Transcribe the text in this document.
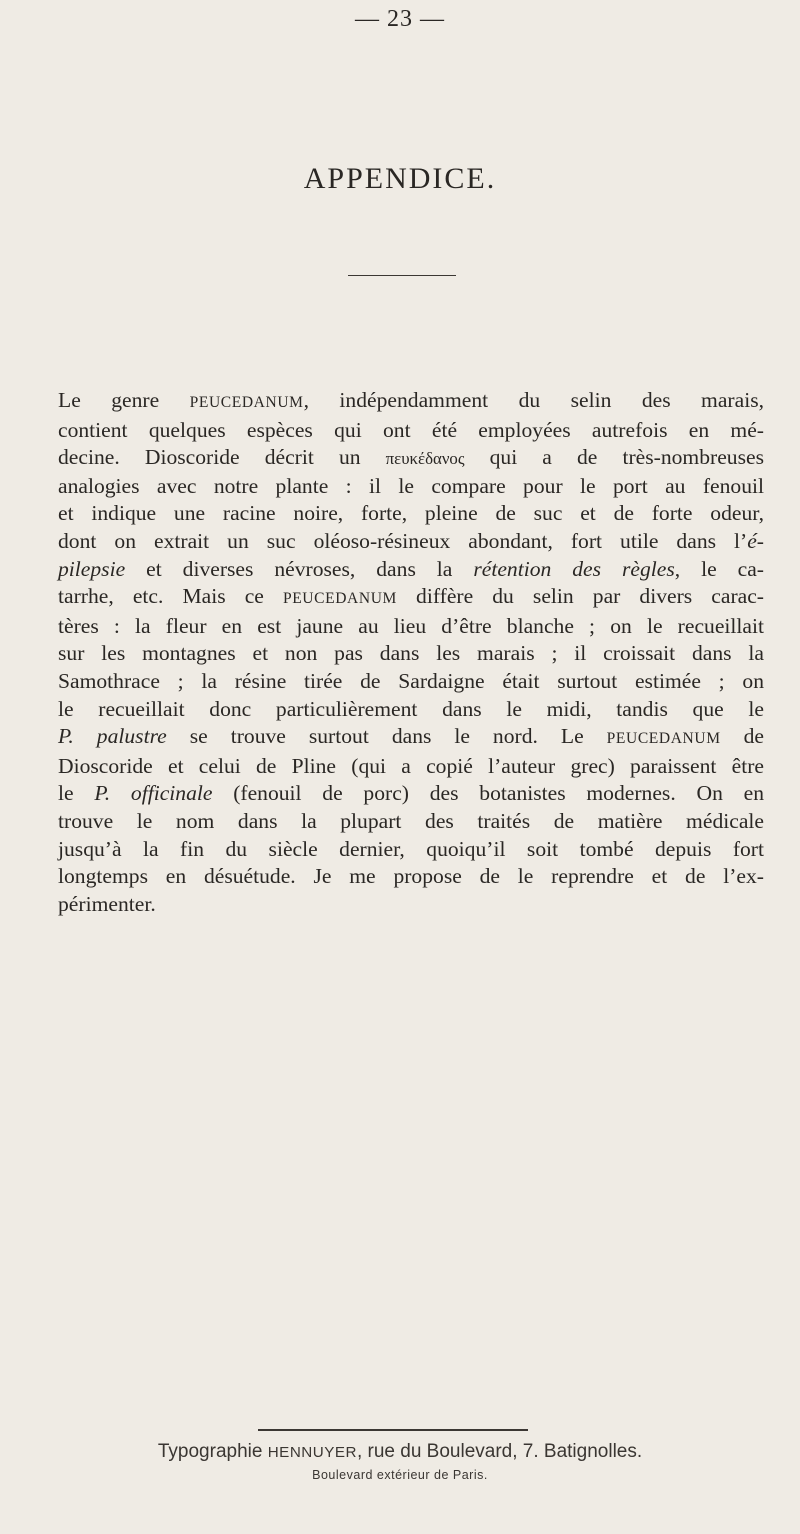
— 23 —
APPENDICE.
Le genre PEUCEDANUM, indépendamment du selin des marais,
contient quelques espèces qui ont été employées autrefois en mé-
decine. Dioscoride décrit un πευκέδανος qui a de très-nombreuses
analogies avec notre plante : il le compare pour le port au fenouil
et indique une racine noire, forte, pleine de suc et de forte odeur,
dont on extrait un suc oléoso-résineux abondant, fort utile dans l’é-
pilepsie et diverses névroses, dans la rétention des règles, le ca-
tarrhe, etc. Mais ce PEUCEDANUM diffère du selin par divers carac-
tères : la fleur en est jaune au lieu d’être blanche ; on le recueillait
sur les montagnes et non pas dans les marais ; il croissait dans la
Samothrace ; la résine tirée de Sardaigne était surtout estimée ; on
le recueillait donc particulièrement dans le midi, tandis que le
P. palustre se trouve surtout dans le nord. Le PEUCEDANUM de
Dioscoride et celui de Pline (qui a copié l’auteur grec) paraissent être
le P. officinale (fenouil de porc) des botanistes modernes. On en
trouve le nom dans la plupart des traités de matière médicale
jusqu’à la fin du siècle dernier, quoiqu’il soit tombé depuis fort
longtemps en désuétude. Je me propose de le reprendre et de l’ex-
périmenter.
Typographie HENNUYER, rue du Boulevard, 7. Batignolles.
Boulevard extérieur de Paris.
